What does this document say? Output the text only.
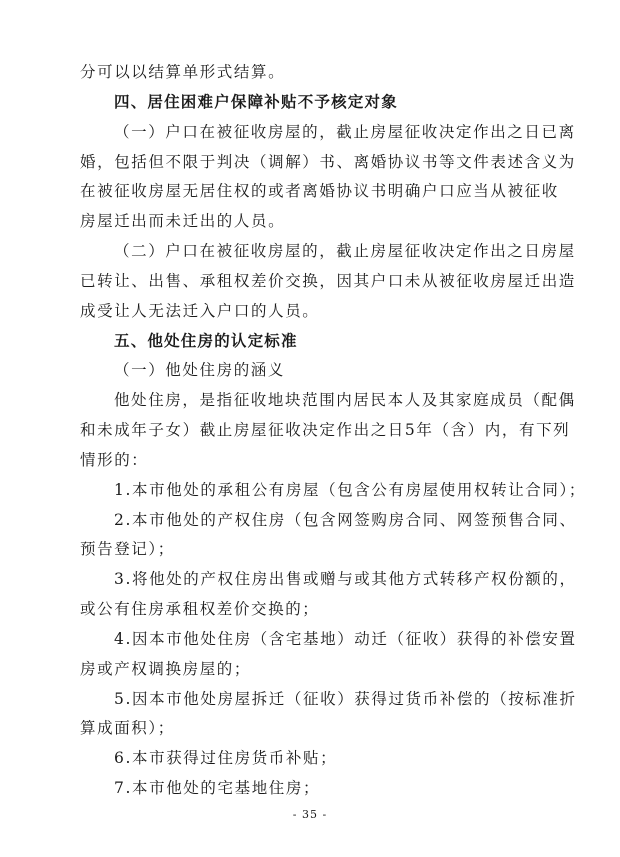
分可以以结算单形式结算。
四、居住困难户保障补贴不予核定对象
（一）户口在被征收房屋的，截止房屋征收决定作出之日已离
婚，包括但不限于判决（调解）书、离婚协议书等文件表述含义为
在被征收房屋无居住权的或者离婚协议书明确户口应当从被征收
房屋迁出而未迁出的人员。
（二）户口在被征收房屋的，截止房屋征收决定作出之日房屋
已转让、出售、承租权差价交换，因其户口未从被征收房屋迁出造
成受让人无法迁入户口的人员。
五、他处住房的认定标准
（一）他处住房的涵义
他处住房，是指征收地块范围内居民本人及其家庭成员（配偶
和未成年子女）截止房屋征收决定作出之日5年（含）内，有下列
情形的：
1.本市他处的承租公有房屋（包含公有房屋使用权转让合同）；
2.本市他处的产权住房（包含网签购房合同、网签预售合同、
预告登记）；
3.将他处的产权住房出售或赠与或其他方式转移产权份额的，
或公有住房承租权差价交换的；
4.因本市他处住房（含宅基地）动迁（征收）获得的补偿安置
房或产权调换房屋的；
5.因本市他处房屋拆迁（征收）获得过货币补偿的（按标准折
算成面积）；
6.本市获得过住房货币补贴；
7.本市他处的宅基地住房；
- 35 -
